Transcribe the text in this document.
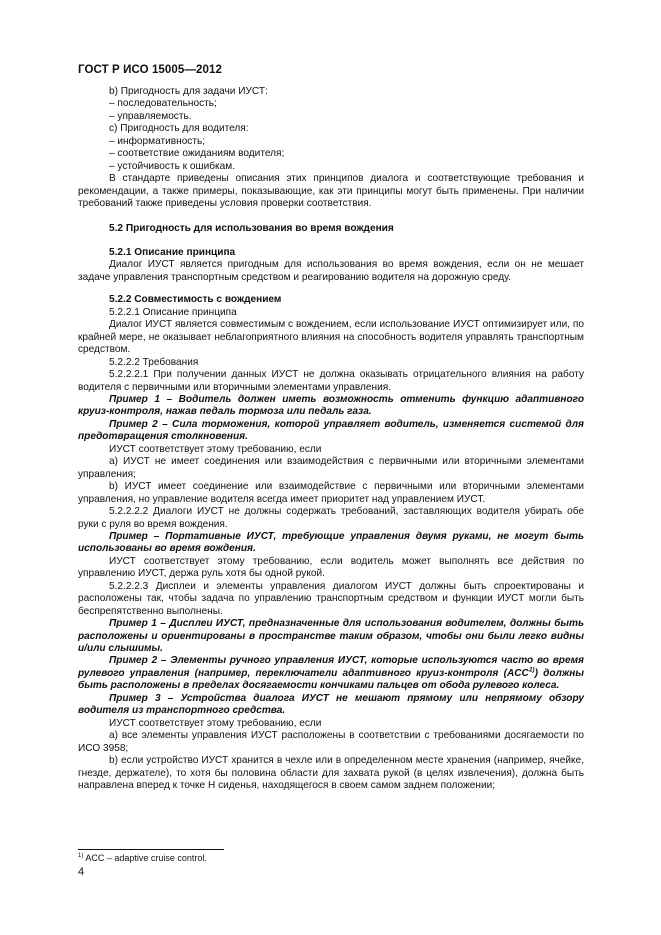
ГОСТ Р ИСО 15005—2012

b) Пригодность для задачи ИУСТ:

– последовательность;

– управляемость.

c) Пригодность для водителя:

– информативность;

– соответствие ожиданиям водителя;

– устойчивость к ошибкам.

В стандарте приведены описания этих принципов диалога и соответствующие требования и рекомендации, а также примеры, показывающие, как эти принципы могут быть применены. При наличии требований также приведены условия проверки соответствия.

5.2 Пригодность для использования во время вождения

5.2.1 Описание принципа

Диалог ИУСТ является пригодным для использования во время вождения, если он не мешает задаче управления транспортным средством и реагированию водителя на дорожную среду.

5.2.2 Совместимость с вождением

5.2.2.1 Описание принципа

Диалог ИУСТ является совместимым с вождением, если использование ИУСТ оптимизирует или, по крайней мере, не оказывает неблагоприятного влияния на способность водителя управлять транспортным средством.

5.2.2.2 Требования

5.2.2.2.1 При получении данных ИУСТ не должна оказывать отрицательного влияния на работу водителя с первичными или вторичными элементами управления.

Пример 1 – Водитель должен иметь возможность отменить функцию адаптивного круиз-контроля, нажав педаль тормоза или педаль газа.

Пример 2 – Сила торможения, которой управляет водитель, изменяется системой для предотвращения столкновения.

ИУСТ соответствует этому требованию, если

a) ИУСТ не имеет соединения или взаимодействия с первичными или вторичными элементами управления;

b) ИУСТ имеет соединение или взаимодействие с первичными или вторичными элементами управления, но управление водителя всегда имеет приоритет над управлением ИУСТ.

5.2.2.2.2 Диалоги ИУСТ не должны содержать требований, заставляющих водителя убирать обе руки с руля во время вождения.

Пример – Портативные ИУСТ, требующие управления двумя руками, не могут быть использованы во время вождения.

ИУСТ соответствует этому требованию, если водитель может выполнять все действия по управлению ИУСТ, держа руль хотя бы одной рукой.

5.2.2.2.3 Дисплеи и элементы управления диалогом ИУСТ должны быть спроектированы и расположены так, чтобы задача по управлению транспортным средством и функции ИУСТ могли быть беспрепятственно выполнены.

Пример 1 – Дисплеи ИУСТ, предназначенные для использования водителем, должны быть расположены и ориентированы в пространстве таким образом, чтобы они были легко видны и/или слышимы.

Пример 2 – Элементы ручного управления ИУСТ, которые используются часто во время рулевого управления (например, переключатели адаптивного круиз-контроля (ACC$^{1)}$) должны быть расположены в пределах досягаемости кончиками пальцев от обода рулевого колеса.

Пример 3 – Устройства диалога ИУСТ не мешают прямому или непрямому обзору водителя из транспортного средства.

ИУСТ соответствует этому требованию, если

a) все элементы управления ИУСТ расположены в соответствии с требованиями досягаемости по ИСО 3958;

b) если устройство ИУСТ хранится в чехле или в определенном месте хранения (например, ячейке, гнезде, держателе), то хотя бы половина области для захвата рукой (в целях извлечения), должна быть направлена вперед к точке H сиденья, находящегося в своем самом заднем положении;

$^{1)}$ ACC – adaptive cruise control.
4
